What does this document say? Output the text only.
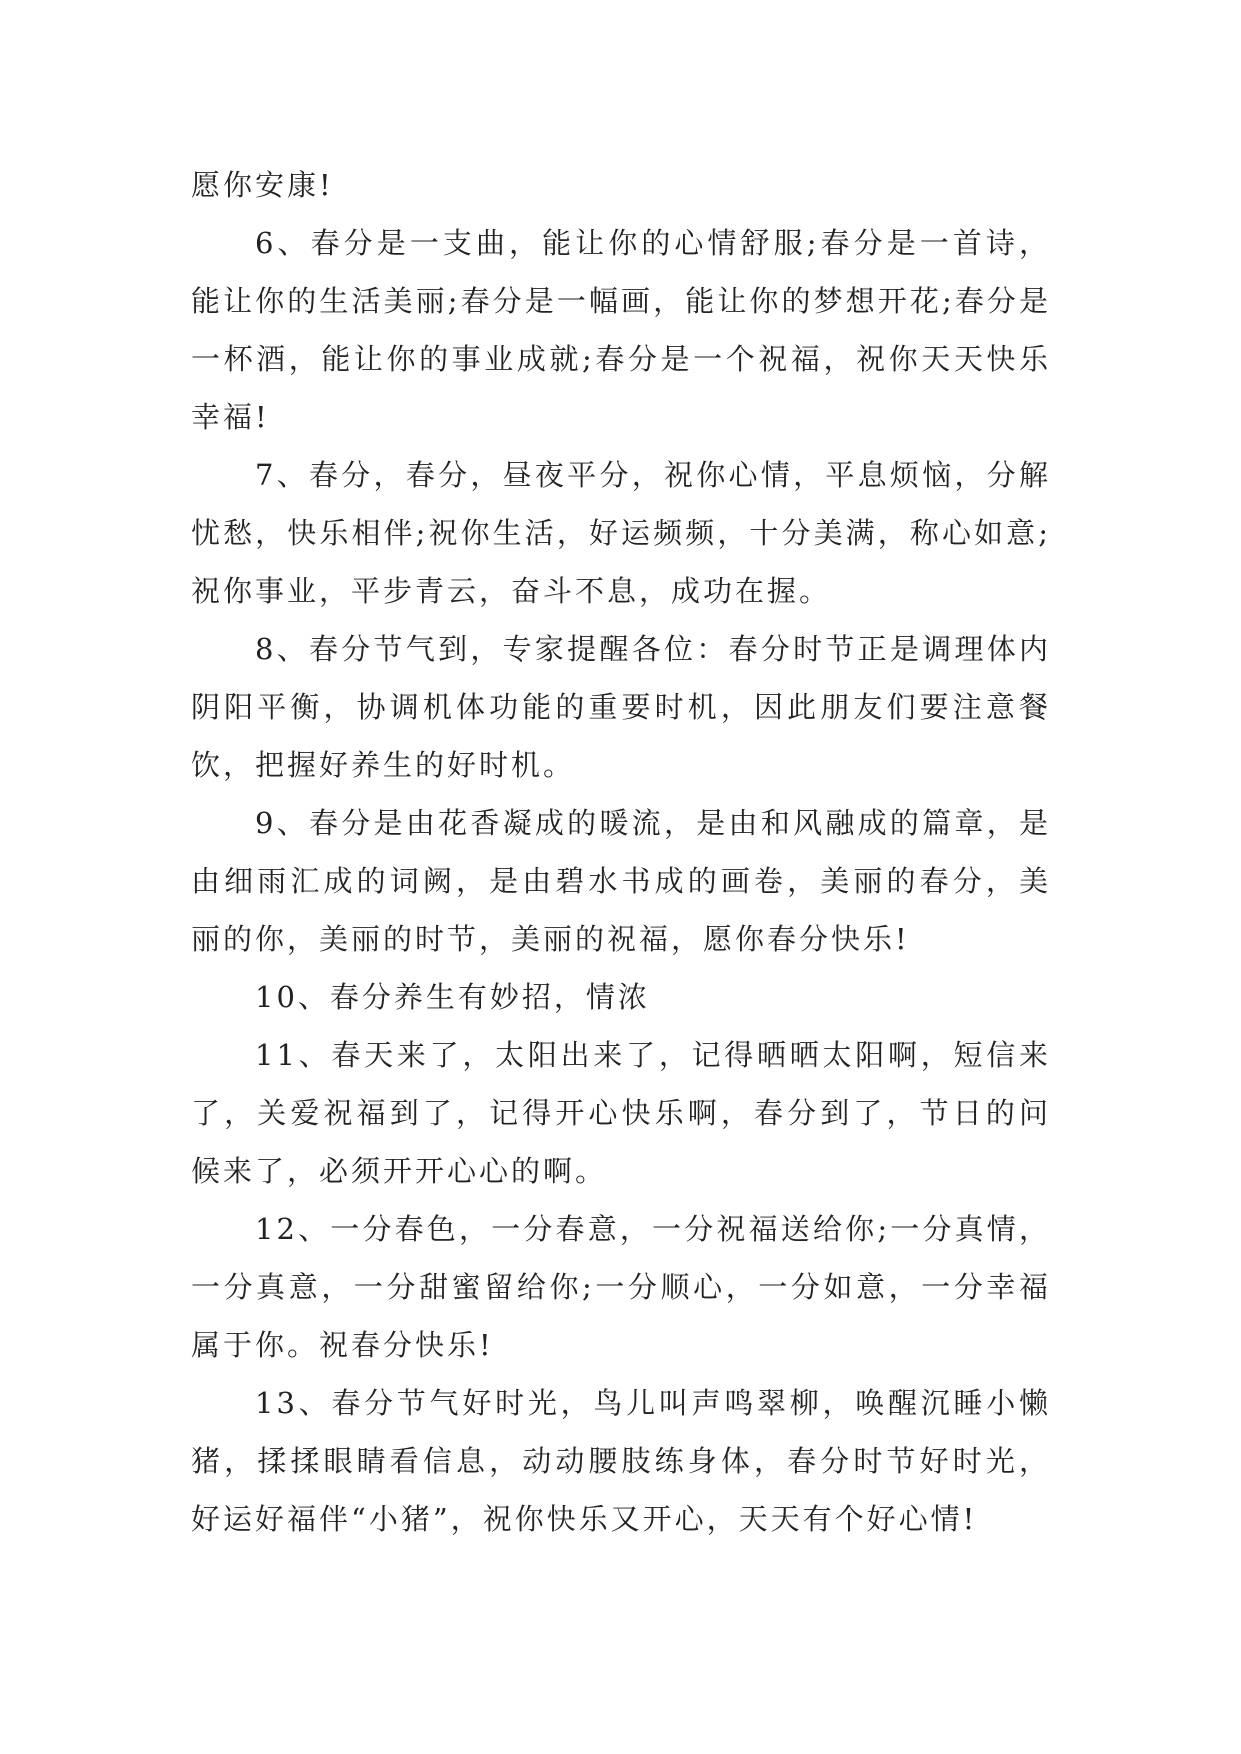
愿你安康!

6、春分是一支曲，能让你的心情舒服;春分是一首诗，能让你的生活美丽;春分是一幅画，能让你的梦想开花;春分是一杯酒，能让你的事业成就;春分是一个祝福，祝你天天快乐幸福!

7、春分，春分，昼夜平分，祝你心情，平息烦恼，分解忧愁，快乐相伴;祝你生活，好运频频，十分美满，称心如意;祝你事业，平步青云，奋斗不息，成功在握。

8、春分节气到，专家提醒各位：春分时节正是调理体内阴阳平衡，协调机体功能的重要时机，因此朋友们要注意餐饮，把握好养生的好时机。

9、春分是由花香凝成的暖流，是由和风融成的篇章，是由细雨汇成的词阙，是由碧水书成的画卷，美丽的春分，美丽的你，美丽的时节，美丽的祝福，愿你春分快乐!

10、春分养生有妙招，情浓

11、春天来了，太阳出来了，记得晒晒太阳啊，短信来了，关爱祝福到了，记得开心快乐啊，春分到了，节日的问候来了，必须开开心心的啊。

12、一分春色，一分春意，一分祝福送给你;一分真情，一分真意，一分甜蜜留给你;一分顺心，一分如意，一分幸福属于你。祝春分快乐!

13、春分节气好时光，鸟儿叫声鸣翠柳，唤醒沉睡小懒猪，揉揉眼睛看信息，动动腰肢练身体，春分时节好时光，好运好福伴“小猪”，祝你快乐又开心，天天有个好心情!
